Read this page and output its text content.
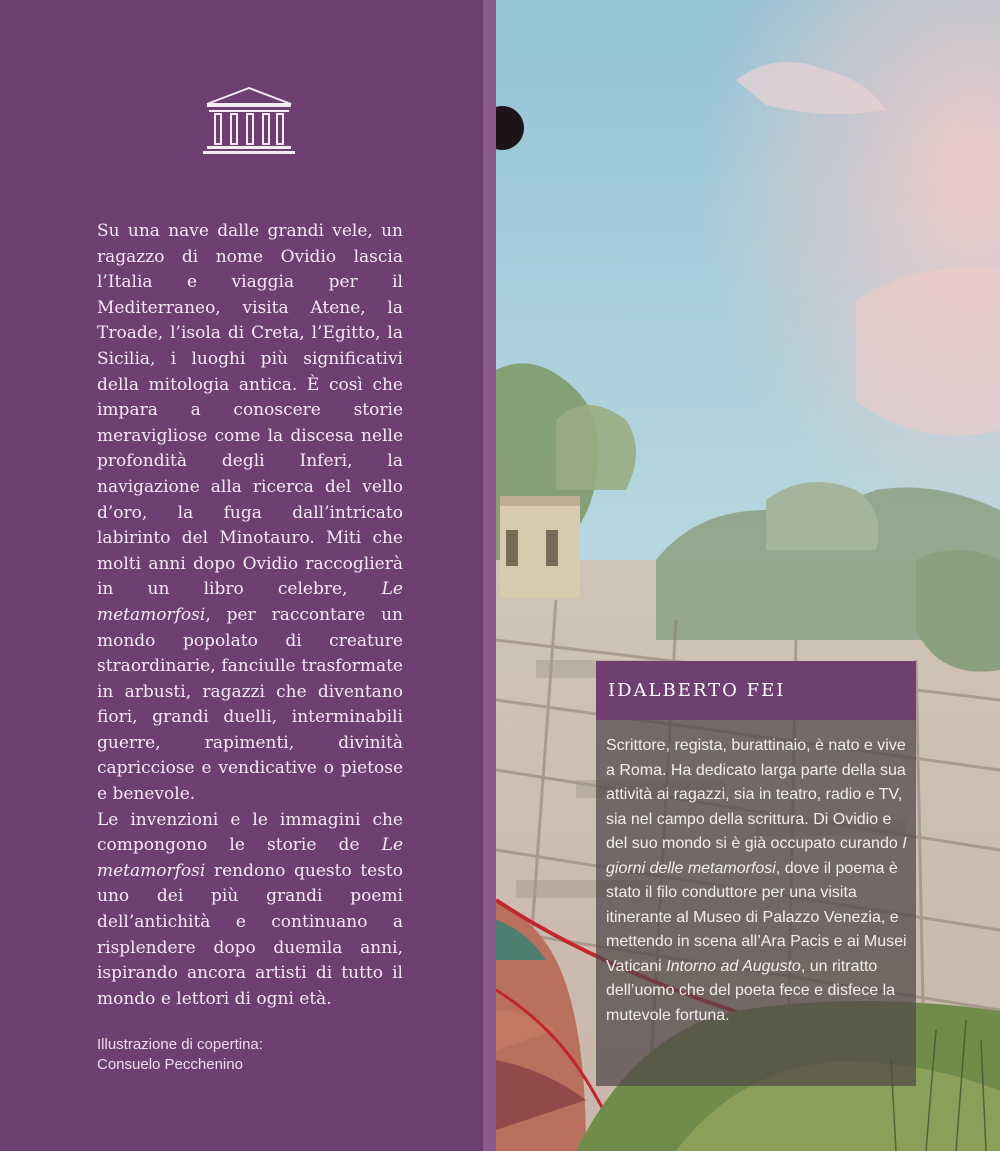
Su una nave dalle grandi vele, un ragazzo di nome Ovidio lascia l’Italia e viaggia per il Mediterraneo, visita Atene, la Troade, l’isola di Creta, l’Egitto, la Sicilia, i luoghi più significativi della mitologia antica. È così che impara a conoscere storie meravigliose come la discesa nelle profondità degli Inferi, la navigazione alla ricerca del vello d’oro, la fuga dall’intricato labirinto del Minotauro. Miti che molti anni dopo Ovidio raccoglierà in un libro celebre, Le metamorfosi, per raccontare un mondo popolato di creature straordinarie, fanciulle trasformate in arbusti, ragazzi che diventano fiori, grandi duelli, interminabili guerre, rapimenti, divinità capricciose e vendicative o pietose e benevole.

Le invenzioni e le immagini che compongono le storie de Le metamorfosi rendono questo testo uno dei più grandi poemi dell’antichità e continuano a risplendere dopo duemila anni, ispirando ancora artisti di tutto il mondo e lettori di ogni età.

Illustrazione di copertina:
Consuelo Pecchenino
IDALBERTO FEI

Scrittore, regista, burattinaio, è nato e vive a Roma. Ha dedicato larga parte della sua attività ai ragazzi, sia in teatro, radio e TV, sia nel campo della scrittura. Di Ovidio e del suo mondo si è già occupato curando I giorni delle metamorfosi, dove il poema è stato il filo conduttore per una visita itinerante al Museo di Palazzo Venezia, e mettendo in scena all’Ara Pacis e ai Musei Vaticani Intorno ad Augusto, un ritratto dell’uomo che del poeta fece e disfece la mutevole fortuna.
